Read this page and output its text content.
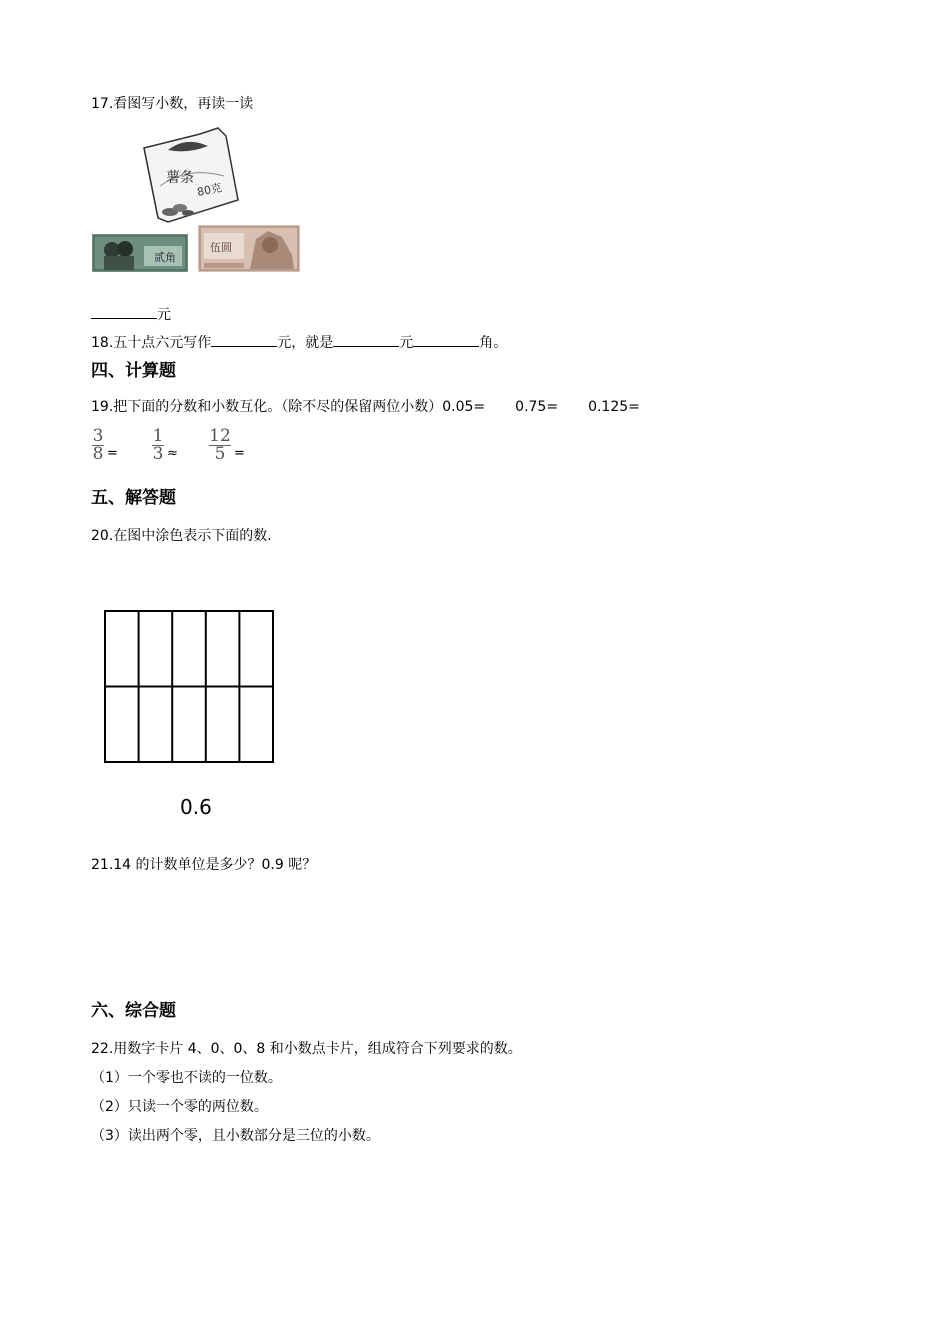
17.看图写小数，再读一读
薯条
80克
贰角
伍圆
元
18.五十点六元写作	元，就是	元	角。
四、计算题
19.把下面的分数和小数互化。（除不尽的保留两位小数）0.05= 0.75= 0.125=
3
8 =
1
3 ≈
12
5 =
五、解答题
20.在图中涂色表示下面的数.
0.6
21.14 的计数单位是多少？0.9 呢？
六、综合题
22.用数字卡片 4、0、0、8 和小数点卡片，组成符合下列要求的数。
（1）一个零也不读的一位数。
（2）只读一个零的两位数。
（3）读出两个零，且小数部分是三位的小数。
